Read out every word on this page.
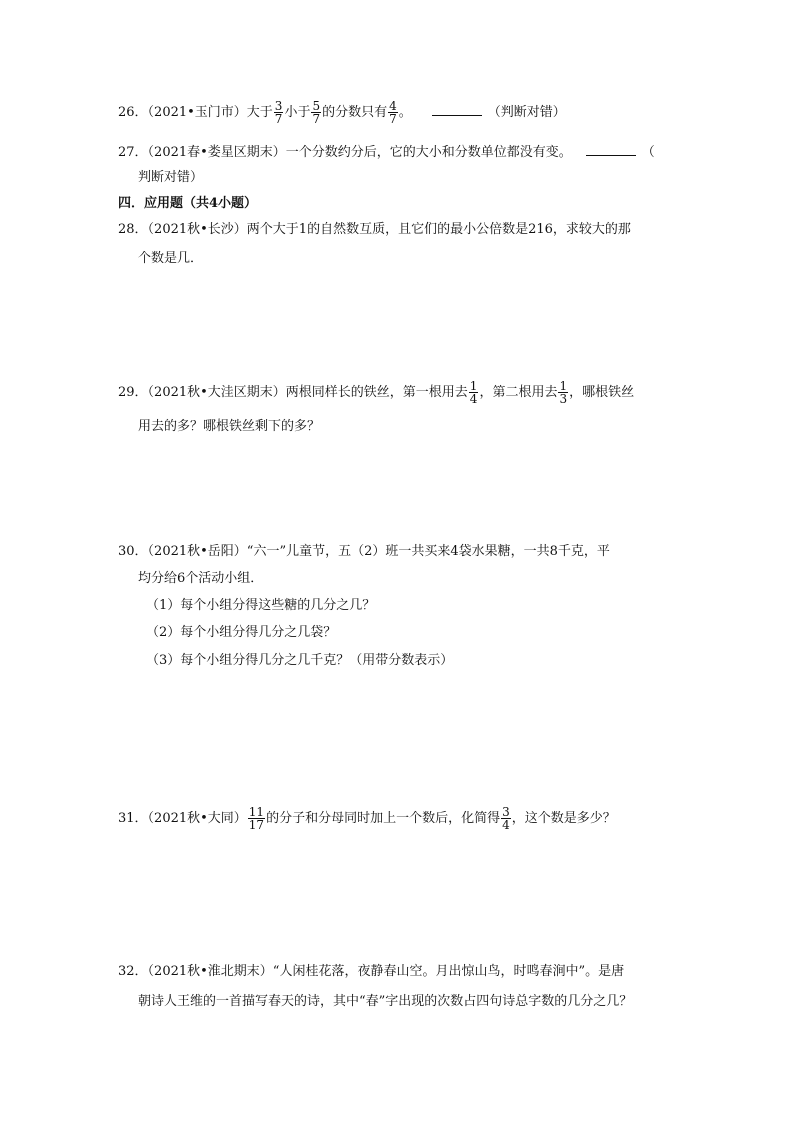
26．（2021•玉门市）大于 $\frac{3}{7}$ 小于 $\frac{5}{7}$ 的分数只有 $\frac{4}{7}$ 。	（判断对错）
27．（2021春•娄星区期末）一个分数约分后，它的大小和分数单位都没有变。	（
判断对错）
四．应用题（共4小题）
28．（2021秋•长沙）两个大于1的自然数互质，且它们的最小公倍数是216，求较大的那
个数是几．
29．（2021秋•大洼区期末）两根同样长的铁丝，第一根用去 $\frac{1}{4}$ ，第二根用去 $\frac{1}{3}$ ，哪根铁丝
用去的多？哪根铁丝剩下的多？
30．（2021秋•岳阳）“六一”儿童节，五（2）班一共买来4袋水果糖，一共8千克，平
均分给6个活动小组．
（1）每个小组分得这些糖的几分之几？
（2）每个小组分得几分之几袋？
（3）每个小组分得几分之几千克？（用带分数表示）
31．（2021秋•大同） $\frac{11}{17}$ 的分子和分母同时加上一个数后，化简得 $\frac{3}{4}$ ，这个数是多少？
32．（2021秋•淮北期末）“人闲桂花落，夜静春山空。月出惊山鸟，时鸣春涧中”。是唐
朝诗人王维的一首描写春天的诗，其中“春”字出现的次数占四句诗总字数的几分之几？
